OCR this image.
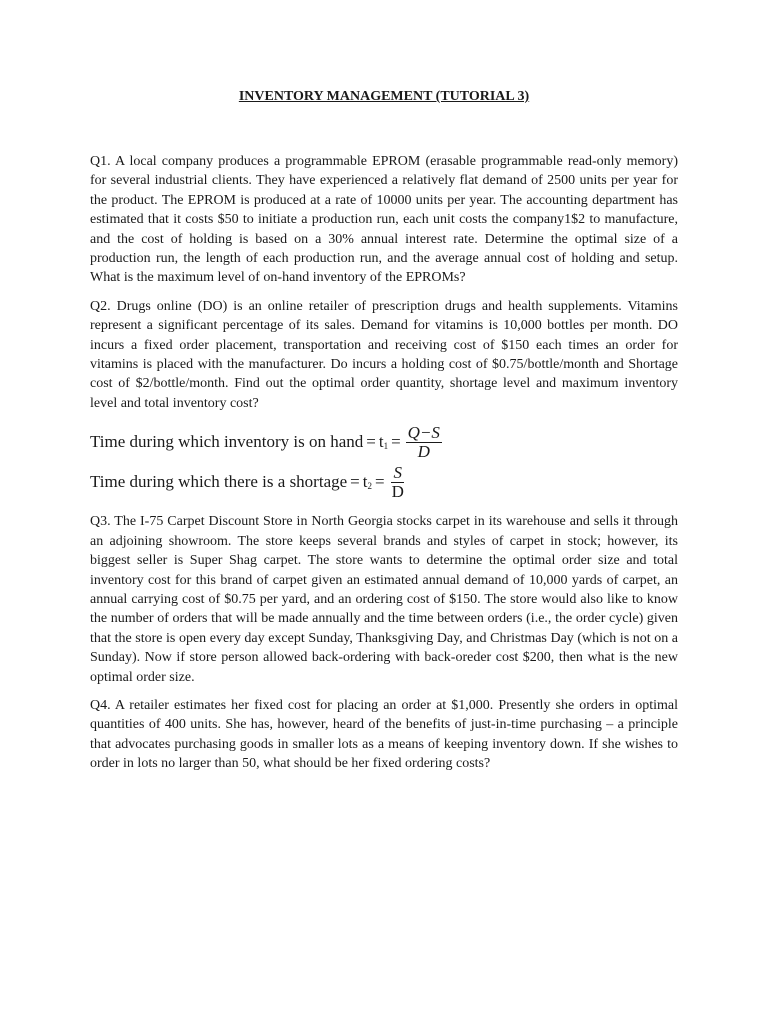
INVENTORY MANAGEMENT (TUTORIAL 3)

Q1. A local company produces a programmable EPROM (erasable programmable read-only memory) for several industrial clients. They have experienced a relatively flat demand of 2500 units per year for the product. The EPROM is produced at a rate of 10000 units per year. The accounting department has estimated that it costs $50 to initiate a production run, each unit costs the company1$2 to manufacture, and the cost of holding is based on a 30% annual interest rate. Determine the optimal size of a production run, the length of each production run, and the average annual cost of holding and setup. What is the maximum level of on-hand inventory of the EPROMs?

Q2. Drugs online (DO) is an online retailer of prescription drugs and health supplements. Vitamins represent a significant percentage of its sales. Demand for vitamins is 10,000 bottles per month. DO incurs a fixed order placement, transportation and receiving cost of $150 each times an order for vitamins is placed with the manufacturer. Do incurs a holding cost of $0.75/bottle/month and Shortage cost of $2/bottle/month. Find out the optimal order quantity, shortage level and maximum inventory level and total inventory cost?

Time during which inventory is on hand = $t_1 = \frac{Q-S}{D}$
Time during which there is a shortage = $t_2 = \frac{S}{D}$

Q3. The I-75 Carpet Discount Store in North Georgia stocks carpet in its warehouse and sells it through an adjoining showroom. The store keeps several brands and styles of carpet in stock; however, its biggest seller is Super Shag carpet. The store wants to determine the optimal order size and total inventory cost for this brand of carpet given an estimated annual demand of 10,000 yards of carpet, an annual carrying cost of $0.75 per yard, and an ordering cost of $150. The store would also like to know the number of orders that will be made annually and the time between orders (i.e., the order cycle) given that the store is open every day except Sunday, Thanksgiving Day, and Christmas Day (which is not on a Sunday). Now if store person allowed back-ordering with back-oreder cost $200, then what is the new optimal order size.

Q4. A retailer estimates her fixed cost for placing an order at $1,000. Presently she orders in optimal quantities of 400 units. She has, however, heard of the benefits of just-in-time purchasing – a principle that advocates purchasing goods in smaller lots as a means of keeping inventory down. If she wishes to order in lots no larger than 50, what should be her fixed ordering costs?
